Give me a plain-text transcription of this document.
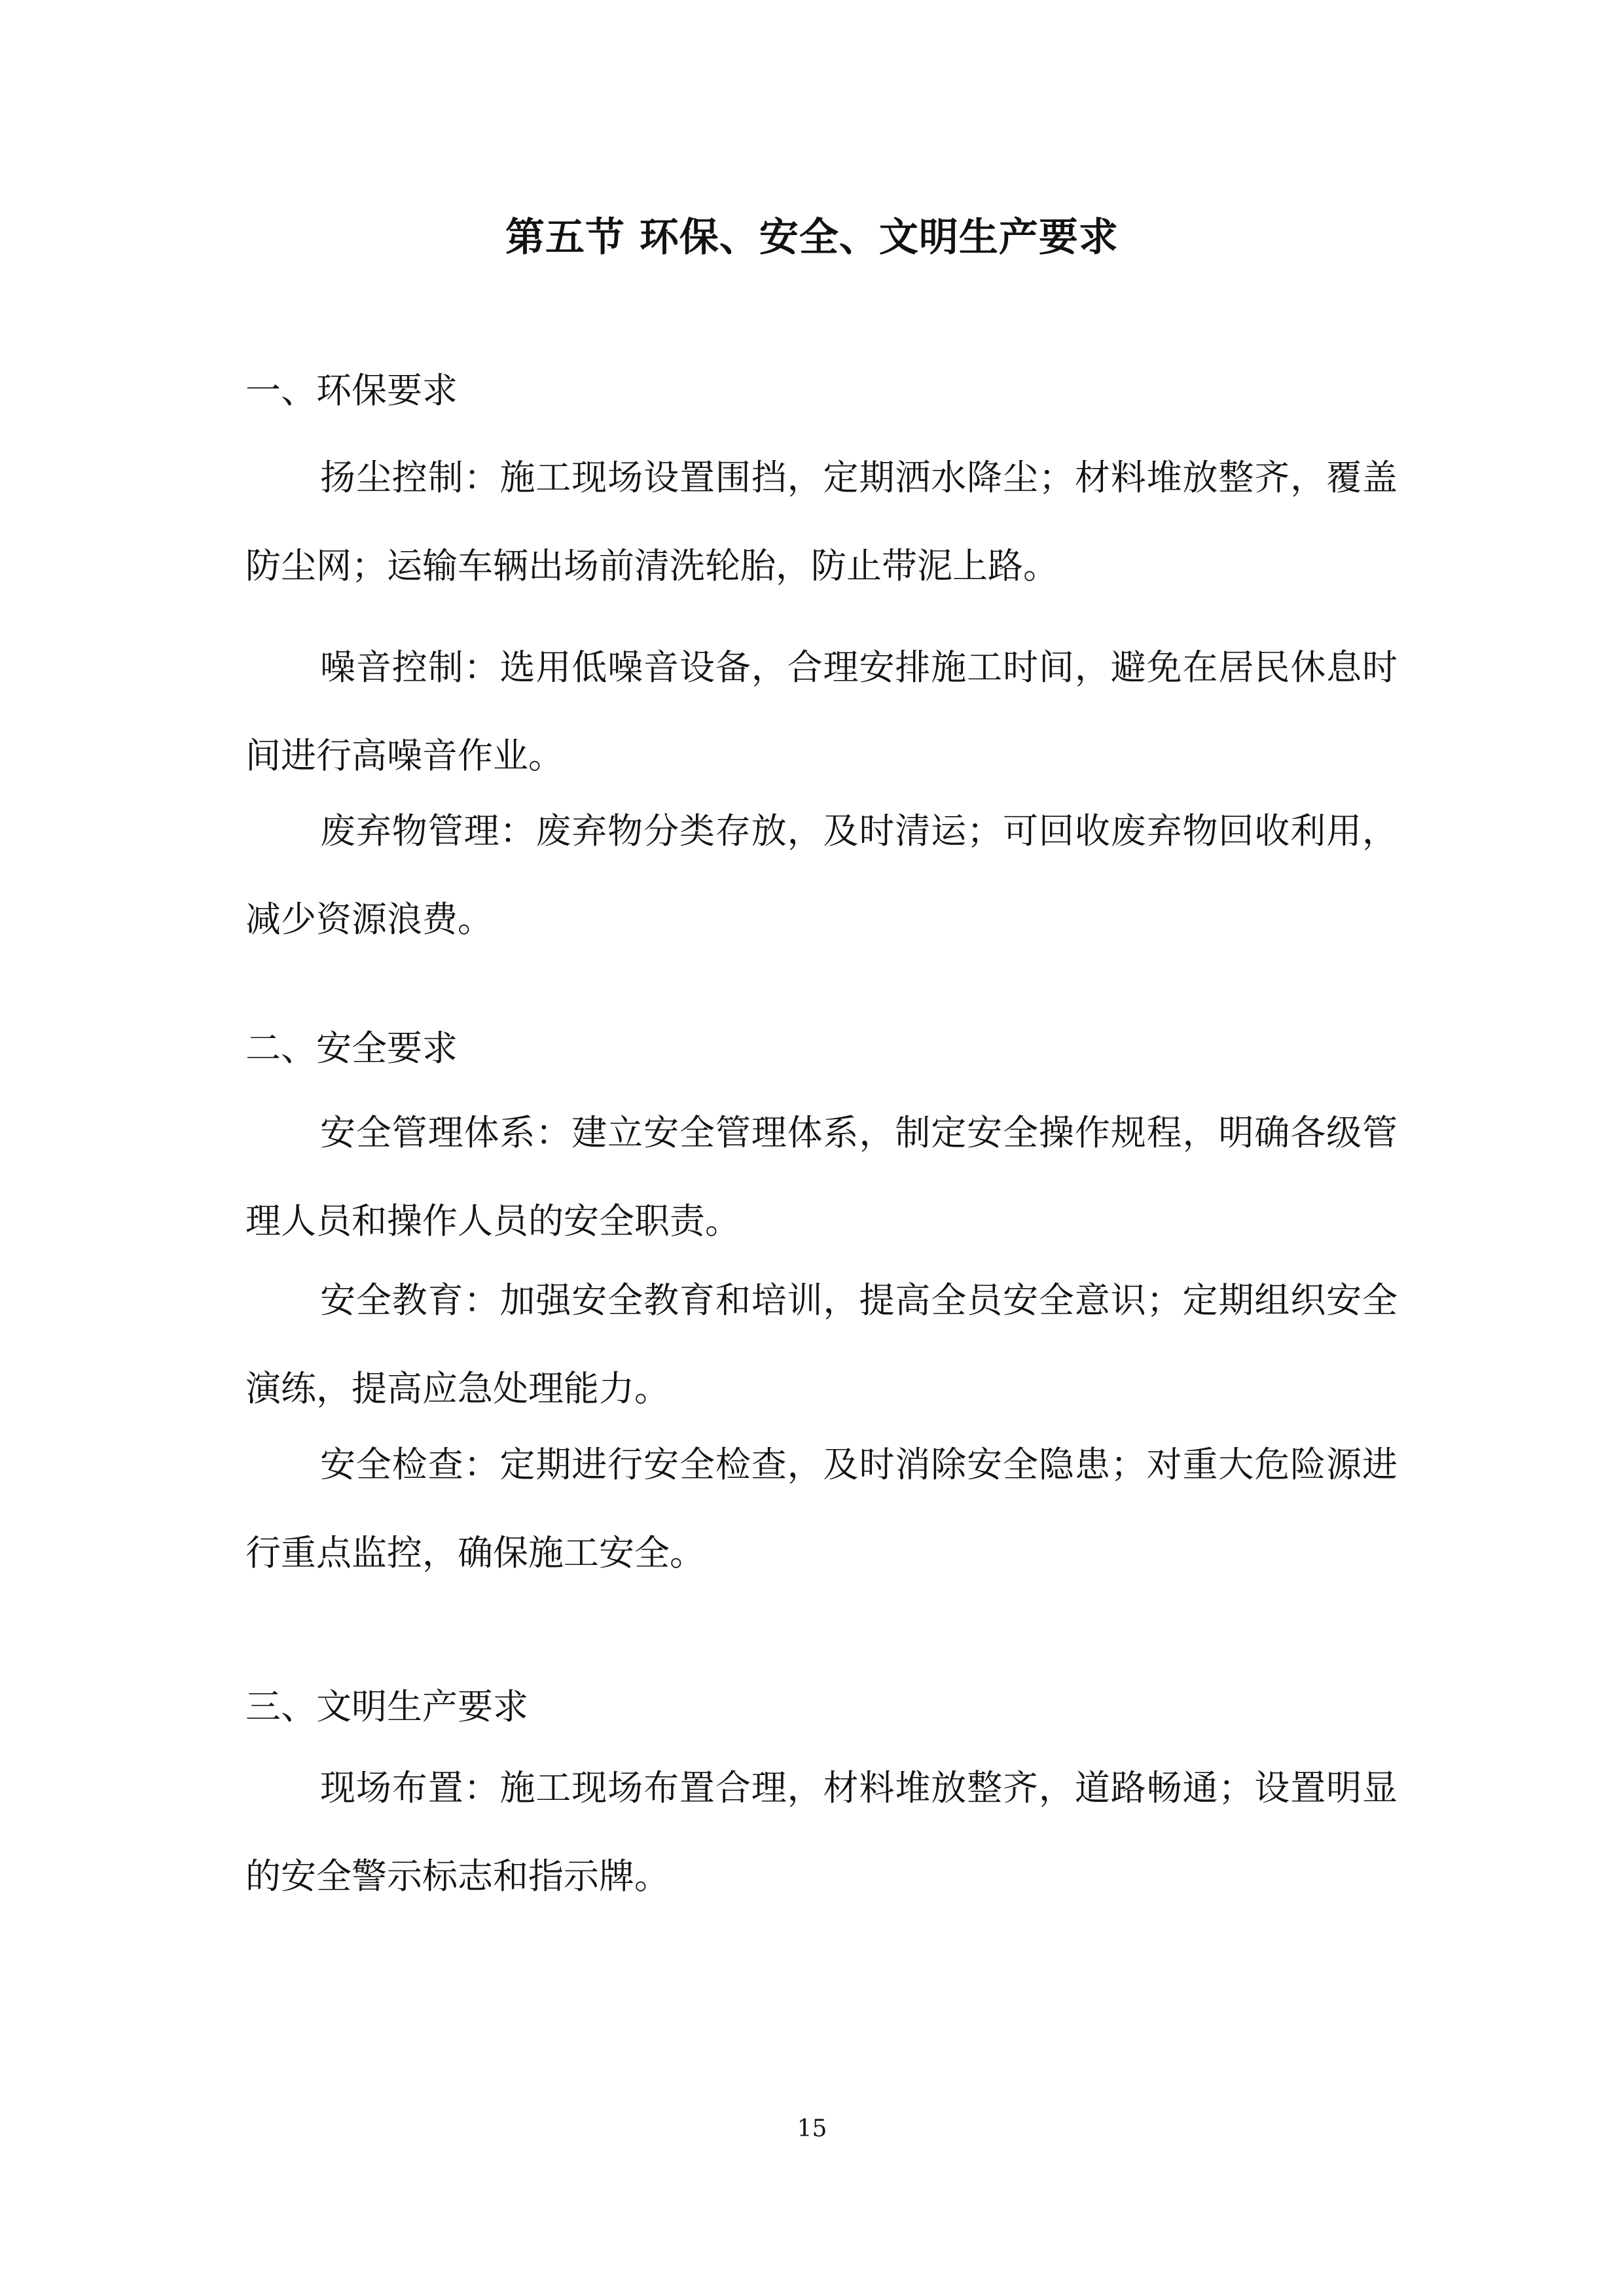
第五节 环保、安全、文明生产要求
一、环保要求

扬尘控制：施工现场设置围挡，定期洒水降尘；材料堆放整齐，覆盖防尘网；运输车辆出场前清洗轮胎，防止带泥上路。

噪音控制：选用低噪音设备，合理安排施工时间，避免在居民休息时间进行高噪音作业。

废弃物管理：废弃物分类存放，及时清运；可回收废弃物回收利用，减少资源浪费。

二、安全要求

安全管理体系：建立安全管理体系，制定安全操作规程，明确各级管理人员和操作人员的安全职责。

安全教育：加强安全教育和培训，提高全员安全意识；定期组织安全演练，提高应急处理能力。

安全检查：定期进行安全检查，及时消除安全隐患；对重大危险源进行重点监控，确保施工安全。

三、文明生产要求

现场布置：施工现场布置合理，材料堆放整齐，道路畅通；设置明显的安全警示标志和指示牌。

15
